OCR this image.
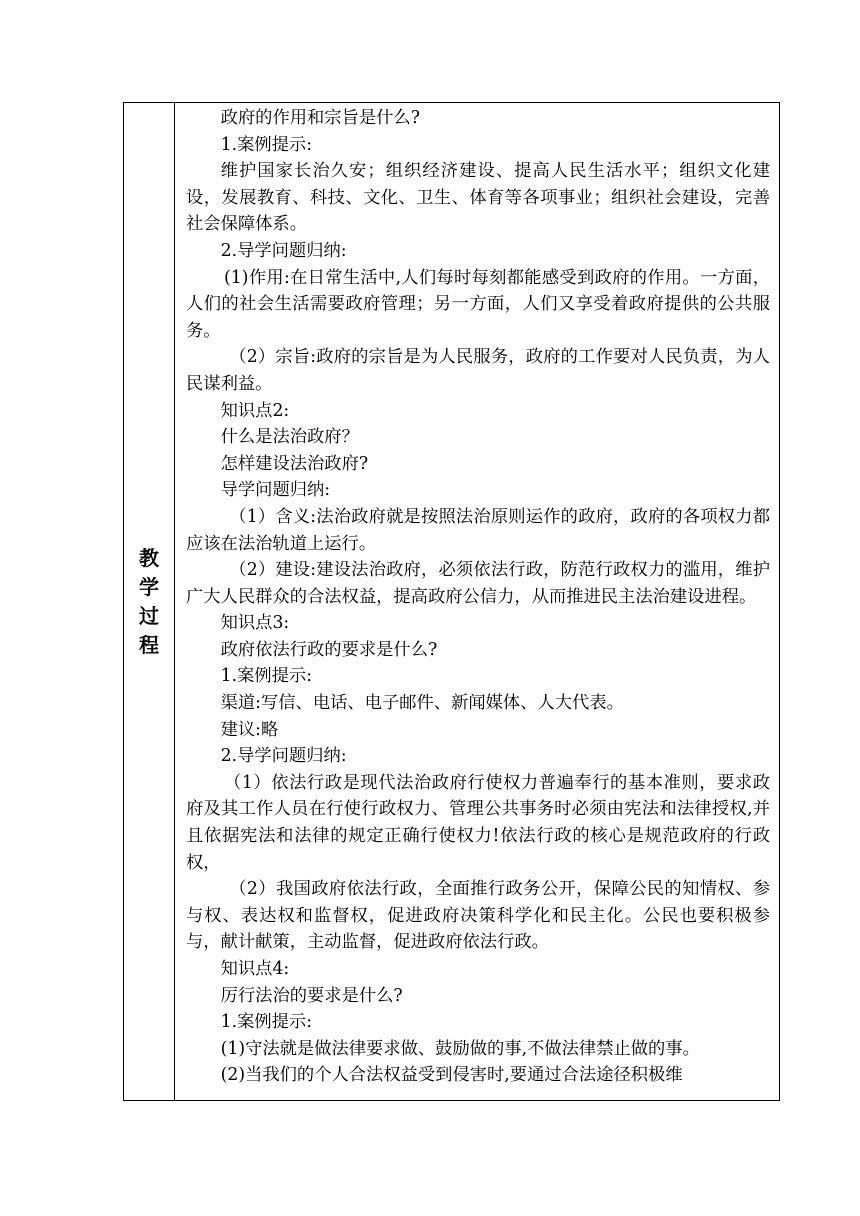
教学过程

政府的作用和宗旨是什么?

1.案例提示:

维护国家长治久安；组织经济建设、提高人民生活水平；组织文化建设，发展教育、科技、文化、卫生、体育等各项事业；组织社会建设，完善社会保障体系。

2.导学问题归纳:

(1)作用:在日常生活中,人们每时每刻都能感受到政府的作用。一方面，人们的社会生活需要政府管理；另一方面，人们又享受着政府提供的公共服务。

（2）宗旨:政府的宗旨是为人民服务，政府的工作要对人民负责，为人民谋利益。

知识点2:

什么是法治政府？

怎样建设法治政府?

导学问题归纳:

（1）含义:法治政府就是按照法治原则运作的政府，政府的各项权力都应该在法治轨道上运行。

（2）建设:建设法治政府，必须依法行政，防范行政权力的滥用，维护广大人民群众的合法权益，提高政府公信力，从而推进民主法治建设进程。

知识点3:

政府依法行政的要求是什么?

1.案例提示:

渠道:写信、电话、电子邮件、新闻媒体、人大代表。

建议:略

2.导学问题归纳:

（1）依法行政是现代法治政府行使权力普遍奉行的基本准则，要求政府及其工作人员在行使行政权力、管理公共事务时必须由宪法和法律授权,并且依据宪法和法律的规定正确行使权力!依法行政的核心是规范政府的行政权，

（2）我国政府依法行政，全面推行政务公开，保障公民的知情权、参与权、表达权和监督权，促进政府决策科学化和民主化。公民也要积极参与，献计献策，主动监督，促进政府依法行政。

知识点4:

厉行法治的要求是什么?

1.案例提示:

(1)守法就是做法律要求做、鼓励做的事,不做法律禁止做的事。

(2)当我们的个人合法权益受到侵害时,要通过合法途径积极维
